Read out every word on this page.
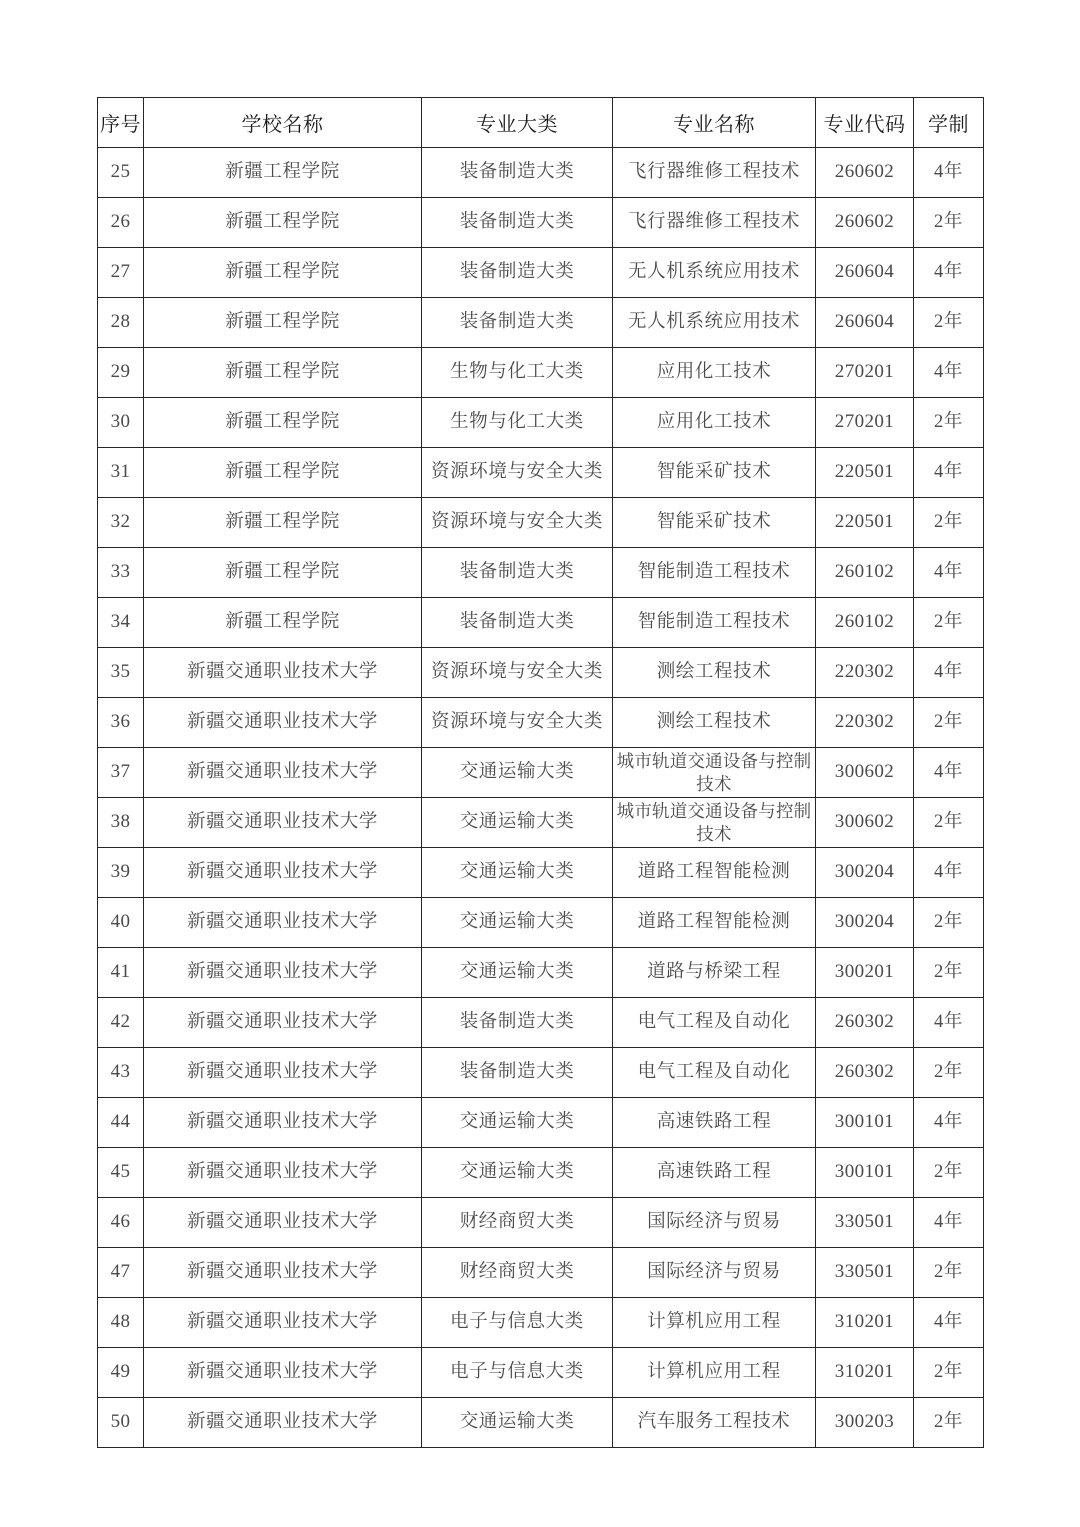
序号	学校名称	专业大类	专业名称	专业代码	学制
25	新疆工程学院	装备制造大类	飞行器维修工程技术	260602	4年
26	新疆工程学院	装备制造大类	飞行器维修工程技术	260602	2年
27	新疆工程学院	装备制造大类	无人机系统应用技术	260604	4年
28	新疆工程学院	装备制造大类	无人机系统应用技术	260604	2年
29	新疆工程学院	生物与化工大类	应用化工技术	270201	4年
30	新疆工程学院	生物与化工大类	应用化工技术	270201	2年
31	新疆工程学院	资源环境与安全大类	智能采矿技术	220501	4年
32	新疆工程学院	资源环境与安全大类	智能采矿技术	220501	2年
33	新疆工程学院	装备制造大类	智能制造工程技术	260102	4年
34	新疆工程学院	装备制造大类	智能制造工程技术	260102	2年
35	新疆交通职业技术大学	资源环境与安全大类	测绘工程技术	220302	4年
36	新疆交通职业技术大学	资源环境与安全大类	测绘工程技术	220302	2年
37	新疆交通职业技术大学	交通运输大类	城市轨道交通设备与控制技术	300602	4年
38	新疆交通职业技术大学	交通运输大类	城市轨道交通设备与控制技术	300602	2年
39	新疆交通职业技术大学	交通运输大类	道路工程智能检测	300204	4年
40	新疆交通职业技术大学	交通运输大类	道路工程智能检测	300204	2年
41	新疆交通职业技术大学	交通运输大类	道路与桥梁工程	300201	2年
42	新疆交通职业技术大学	装备制造大类	电气工程及自动化	260302	4年
43	新疆交通职业技术大学	装备制造大类	电气工程及自动化	260302	2年
44	新疆交通职业技术大学	交通运输大类	高速铁路工程	300101	4年
45	新疆交通职业技术大学	交通运输大类	高速铁路工程	300101	2年
46	新疆交通职业技术大学	财经商贸大类	国际经济与贸易	330501	4年
47	新疆交通职业技术大学	财经商贸大类	国际经济与贸易	330501	2年
48	新疆交通职业技术大学	电子与信息大类	计算机应用工程	310201	4年
49	新疆交通职业技术大学	电子与信息大类	计算机应用工程	310201	2年
50	新疆交通职业技术大学	交通运输大类	汽车服务工程技术	300203	2年
